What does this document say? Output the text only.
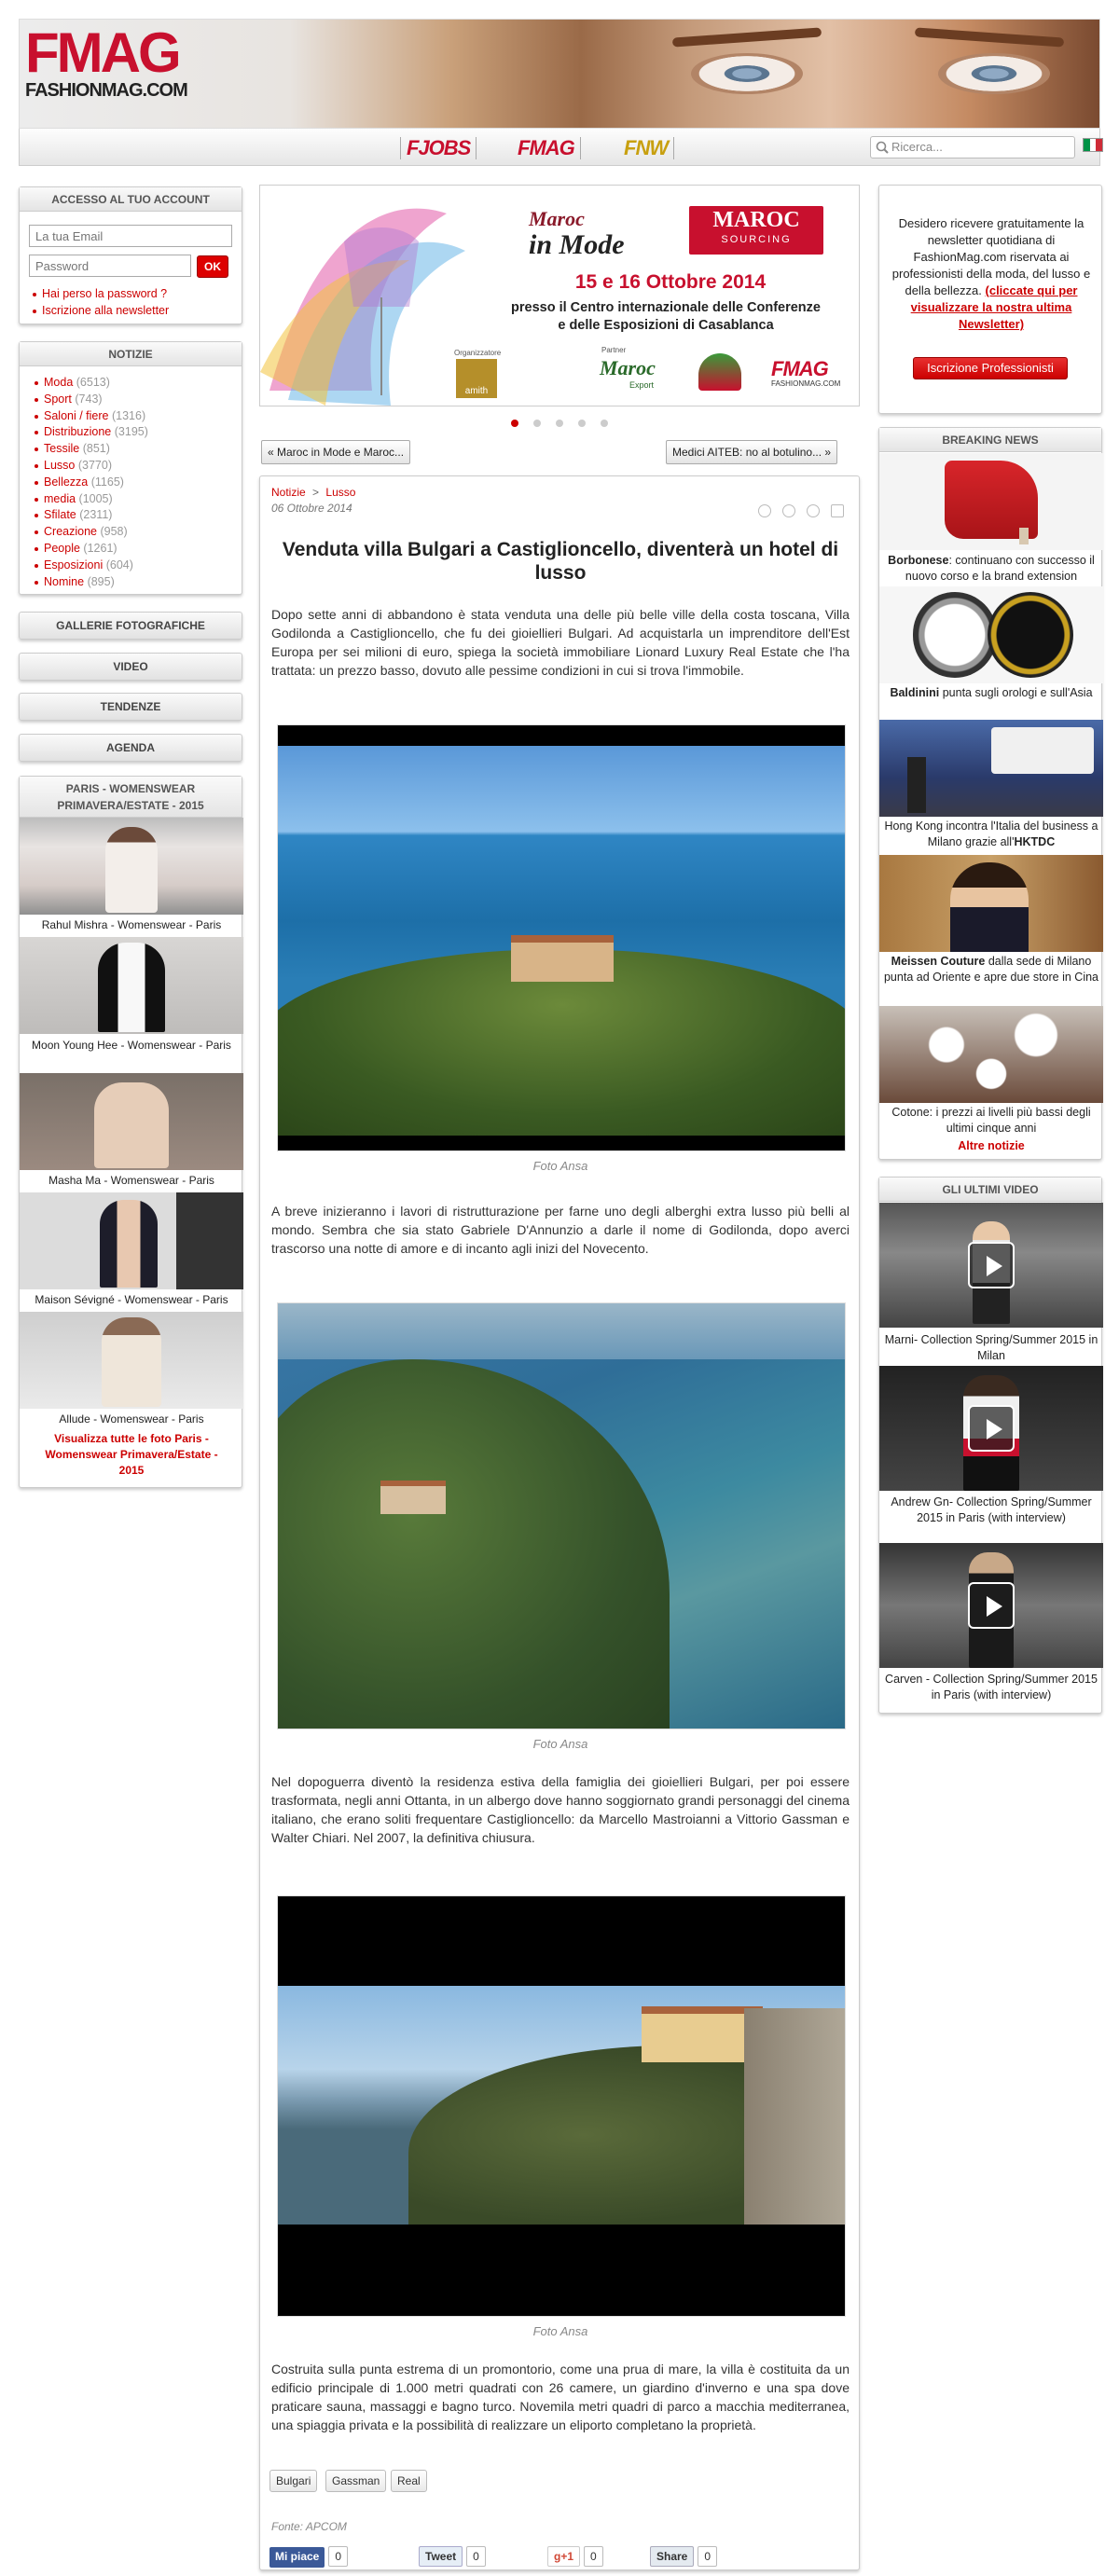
FMAG
FASHIONMAG.COM
FJOBS	FMAG	FNW	Ricerca...
ACCESSO AL TUO ACCOUNT
La tua Email
Password
OK
Hai perso la password ?
Iscrizione alla newsletter
NOTIZIE
Moda (6513)
Sport (743)
Saloni / fiere (1316)
Distribuzione (3195)
Tessile (851)
Lusso (3770)
Bellezza (1165)
media (1005)
Sfilate (2311)
Creazione (958)
People (1261)
Esposizioni (604)
Nomine (895)
GALLERIE FOTOGRAFICHE
VIDEO
TENDENZE
AGENDA
PARIS - WOMENSWEAR PRIMAVERA/ESTATE - 2015
Rahul Mishra - Womenswear - Paris
Moon Young Hee - Womenswear - Paris
Masha Ma - Womenswear - Paris
Maison Sévigné - Womenswear - Paris
Allude - Womenswear - Paris
Visualizza tutte le foto Paris - Womenswear Primavera/Estate - 2015
Maroc
in Mode
MAROC
SOURCING
15 e 16 Ottobre 2014
presso il Centro internazionale delle Conferenze
e delle Esposizioni di Casablanca
Organizzatore
amith
Partner
Maroc
Export
FMAG
FASHIONMAG.COM
« Maroc in Mode e Maroc...	Medici AITEB: no al botulino... »
Notizie > Lusso
06 Ottobre 2014
Venduta villa Bulgari a Castiglioncello, diventerà un hotel di lusso
Dopo sette anni di abbandono è stata venduta una delle più belle ville della costa toscana, Villa Godilonda a Castiglioncello, che fu dei gioiellieri Bulgari. Ad acquistarla un imprenditore dell'Est Europa per sei milioni di euro, spiega la società immobiliare Lionard Luxury Real Estate che l'ha trattata: un prezzo basso, dovuto alle pessime condizioni in cui si trova l'immobile.
Foto Ansa
A breve inizieranno i lavori di ristrutturazione per farne uno degli alberghi extra lusso più belli al mondo. Sembra che sia stato Gabriele D'Annunzio a darle il nome di Godilonda, dopo averci trascorso una notte di amore e di incanto agli inizi del Novecento.
Foto Ansa
Nel dopoguerra diventò la residenza estiva della famiglia dei gioiellieri Bulgari, per poi essere trasformata, negli anni Ottanta, in un albergo dove hanno soggiornato grandi personaggi del cinema italiano, che erano soliti frequentare Castiglioncello: da Marcello Mastroianni a Vittorio Gassman e Walter Chiari. Nel 2007, la definitiva chiusura.
Foto Ansa
Costruita sulla punta estrema di un promontorio, come una prua di mare, la villa è costituita da un edificio principale di 1.000 metri quadrati con 26 camere, un giardino d'inverno e una spa dove praticare sauna, massaggi e bagno turco. Novemila metri quadri di parco a macchia mediterranea, una spiaggia privata e la possibilità di realizzare un eliporto completano la proprietà.
Bulgari	Gassman	Real
Fonte: APCOM
Mi piace 0	Tweet 0	g+1 0	Share 0
Desidero ricevere gratuitamente la newsletter quotidiana di FashionMag.com riservata ai professionisti della moda, del lusso e della bellezza. (cliccate qui per visualizzare la nostra ultima Newsletter)
Iscrizione Professionisti
BREAKING NEWS
Borbonese: continuano con successo il nuovo corso e la brand extension
Baldinini punta sugli orologi e sull'Asia
Hong Kong incontra l'Italia del business a Milano grazie all'HKTDC
Meissen Couture dalla sede di Milano punta ad Oriente e apre due store in Cina
Cotone: i prezzi ai livelli più bassi degli ultimi cinque anni
Altre notizie
GLI ULTIMI VIDEO
Marni- Collection Spring/Summer 2015 in Milan
Andrew Gn- Collection Spring/Summer 2015 in Paris (with interview)
Carven - Collection Spring/Summer 2015 in Paris (with interview)
